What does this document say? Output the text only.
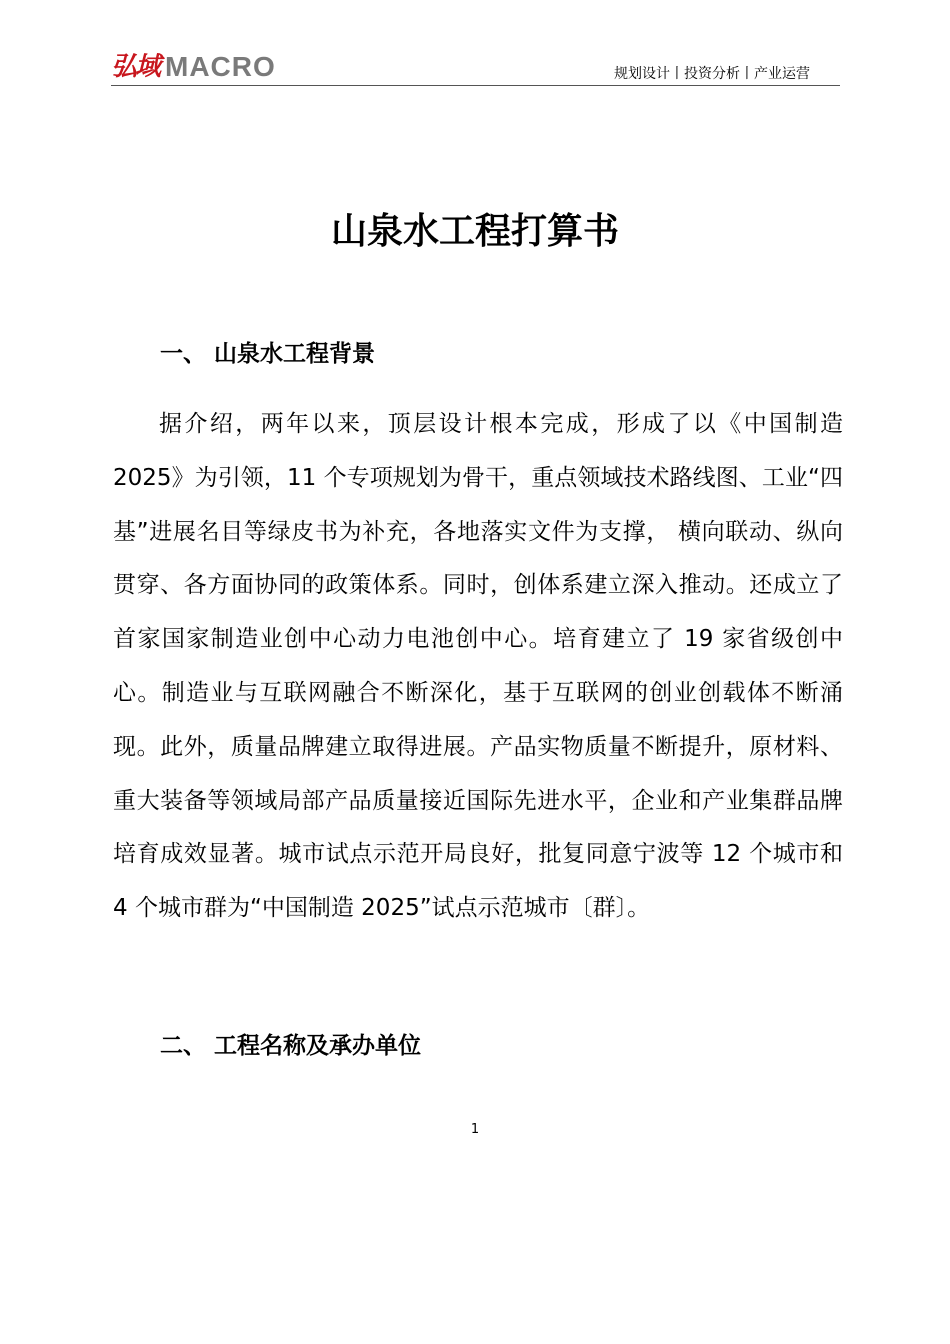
弘域 MACRO	规划设计丨投资分析丨产业运营
山泉水工程打算书
一、 山泉水工程背景

据介绍，两年以来，顶层设计根本完成，形成了以《中国制造 2025》为引领，11 个专项规划为骨干，重点领域技术路线图、工业“四基”进展名目等绿皮书为补充，各地落实文件为支撑， 横向联动、纵向贯穿、各方面协同的政策体系。同时，创体系建立深入推动。还成立了首家国家制造业创中心动力电池创中心。培育建立了 19 家省级创中心。制造业与互联网融合不断深化，基于互联网的创业创载体不断涌现。此外，质量品牌建立取得进展。产品实物质量不断提升，原材料、重大装备等领域局部产品质量接近国际先进水平，企业和产业集群品牌培育成效显著。城市试点示范开局良好，批复同意宁波等 12 个城市和 4 个城市群为“中国制造 2025”试点示范城市〔群〕。

二、 工程名称及承办单位
1
